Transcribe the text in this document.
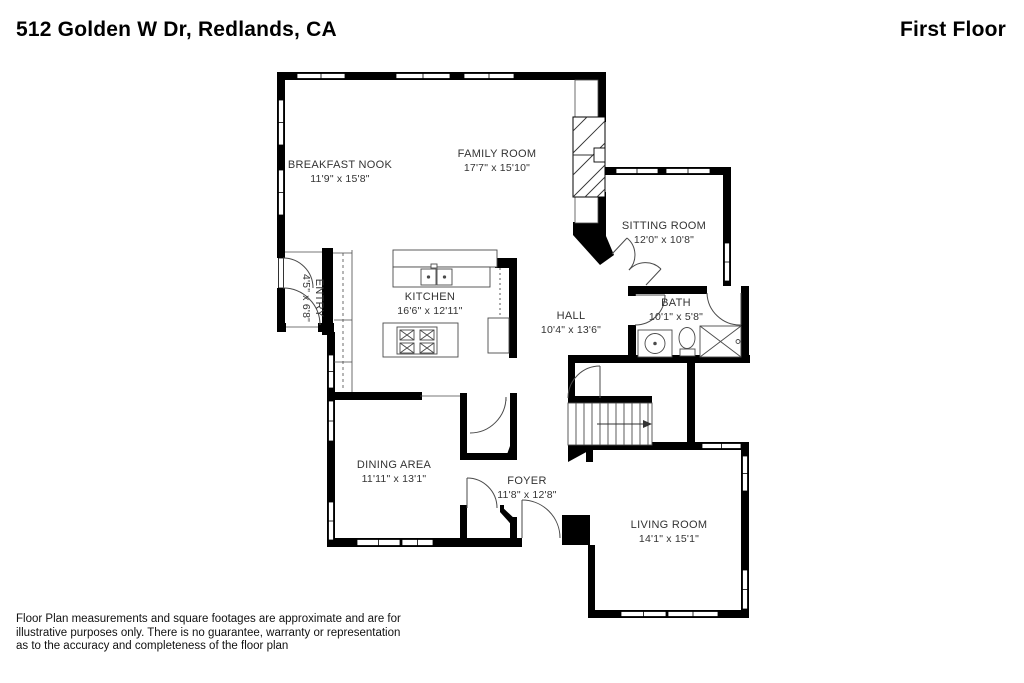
512 Golden W Dr, Redlands, CA	First Floor
BREAKFAST NOOK
11'9" x 15'8"
FAMILY ROOM
17'7" x 15'10"
SITTING ROOM
12'0" x 10'8"
KITCHEN
16'6" x 12'11"	HALL
10'4" x 13'6"
BATH
10'1" x 5'8"
ENTRY
4'5" x 6'8"
DINING AREA
11'11" x 13'1"	FOYER
11'8" x 12'8"
LIVING ROOM
14'1" x 15'1"
Floor Plan measurements and square footages are approximate and are for
illustrative purposes only. There is no guarantee, warranty or representation
as to the accuracy and completeness of the floor plan
